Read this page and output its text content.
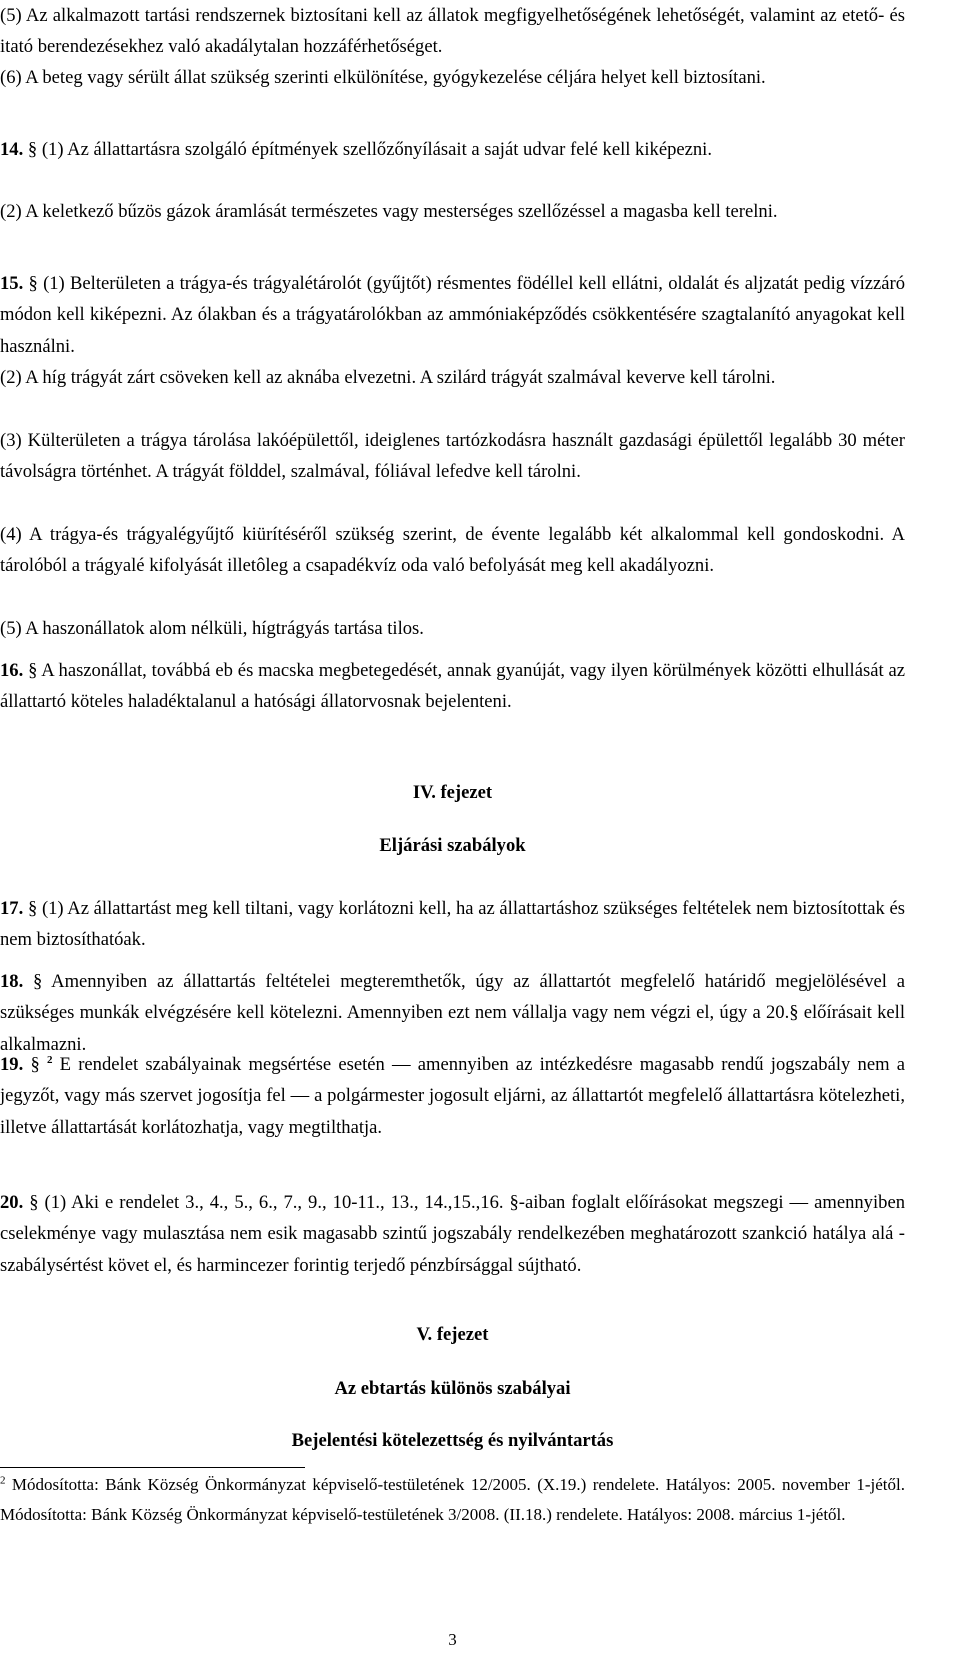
(5) Az alkalmazott tartási rendszernek biztosítani kell az állatok megfigyelhetőségének lehetőségét, valamint az etető- és itató berendezésekhez való akadálytalan hozzáférhetőséget.

(6) A beteg vagy sérült állat szükség szerinti elkülönítése, gyógykezelése céljára helyet kell biztosítani.

14. § (1) Az állattartásra szolgáló építmények szellőzőnyílásait a saját udvar felé kell kiképezni.

(2) A keletkező bűzös gázok áramlását természetes vagy mesterséges szellőzéssel a magasba kell terelni.

15. § (1) Belterületen a trágya-és trágyalétárolót (gyűjtőt) résmentes födéllel kell ellátni, oldalát és aljzatát pedig vízzáró módon kell kiképezni. Az ólakban és a trágyatárolókban az ammóniaképződés csökkentésére szagtalanító anyagokat kell használni.

(2) A híg trágyát zárt csöveken kell az aknába elvezetni. A szilárd trágyát szalmával keverve kell tárolni.

(3) Külterületen a trágya tárolása lakóépülettől, ideiglenes tartózkodásra használt gazdasági épülettől legalább 30 méter távolságra történhet. A trágyát földdel, szalmával, fóliával lefedve kell tárolni.

(4) A trágya-és trágyalégyűjtő kiürítéséről szükség szerint, de évente legalább két alkalommal kell gondoskodni. A tárolóból a trágyalé kifolyását illetôleg a csapadékvíz oda való befolyását meg kell akadályozni.

(5) A haszonállatok alom nélküli, hígtrágyás tartása tilos.

16. § A haszonállat, továbbá eb és macska megbetegedését, annak gyanúját, vagy ilyen körülmények közötti elhullását az állattartó köteles haladéktalanul a hatósági állatorvosnak bejelenteni.

IV. fejezet

Eljárási szabályok

17. § (1) Az állattartást meg kell tiltani, vagy korlátozni kell, ha az állattartáshoz szükséges feltételek nem biztosítottak és nem biztosíthatóak.

18. § Amennyiben az állattartás feltételei megteremthetők, úgy az állattartót megfelelő határidő megjelölésével a szükséges munkák elvégzésére kell kötelezni. Amennyiben ezt nem vállalja vagy nem végzi el, úgy a 20.§ előírásait kell alkalmazni.

19. § $^2$ E rendelet szabályainak megsértése esetén ― amennyiben az intézkedésre magasabb rendű jogszabály nem a jegyzőt, vagy más szervet jogosítja fel ― a polgármester jogosult eljárni, az állattartót megfelelő állattartásra kötelezheti, illetve állattartását korlátozhatja, vagy megtilthatja.

20. § (1) Aki e rendelet 3., 4., 5., 6., 7., 9., 10-11., 13., 14.,15.,16. §-aiban foglalt előírásokat megszegi ― amennyiben cselekménye vagy mulasztása nem esik magasabb szintű jogszabály rendelkezében meghatározott szankció hatálya alá - szabálysértést követ el, és harmincezer forintig terjedő pénzbírsággal sújtható.

V. fejezet

Az ebtartás különös szabályai

$^2$ Módosította: Bánk Község Önkormányzat képviselő-testületének 12/2005. (X.19.) rendelete. Hatályos: 2005. november 1-jétől. Módosította: Bánk Község Önkormányzat képviselő-testületének 3/2008. (II.18.) rendelete. Hatályos: 2008. március 1-jétől.

3

Bejelentési kötelezettség és nyilvántartás
